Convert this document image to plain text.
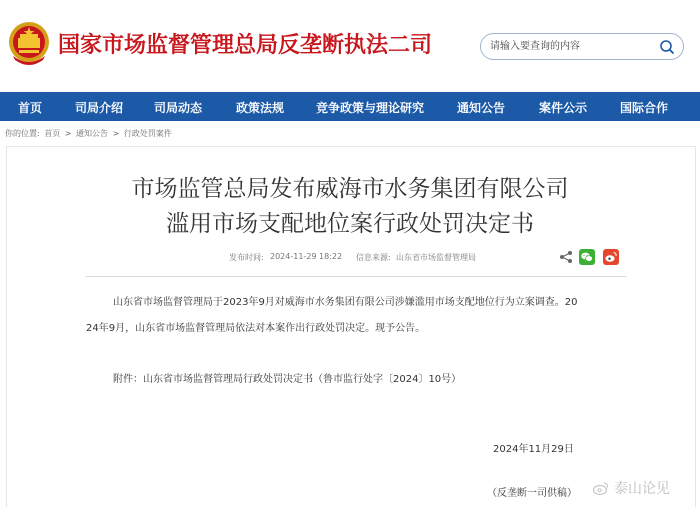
国家市场监督管理总局反垄断执法二司
请输入要查询的内容
首页	司局介绍	司局动态	政策法规	竞争政策与理论研究	通知公告	案件公示	国际合作
你的位置: 首页 > 通知公告 > 行政处罚案件
市场监管总局发布威海市水务集团有限公司
滥用市场支配地位案行政处罚决定书
发布时间: 2024-11-29 18:22 信息来源: 山东省市场监督管理局
山东省市场监督管理局于2023年9月对威海市水务集团有限公司涉嫌滥用市场支配地位行为立案调查。20
24年9月，山东省市场监督管理局依法对本案作出行政处罚决定。现予公告。
附件：山东省市场监督管理局行政处罚决定书（鲁市监行处字〔2024〕10号）
2024年11月29日
（反垄断一司供稿）	泰山论见
